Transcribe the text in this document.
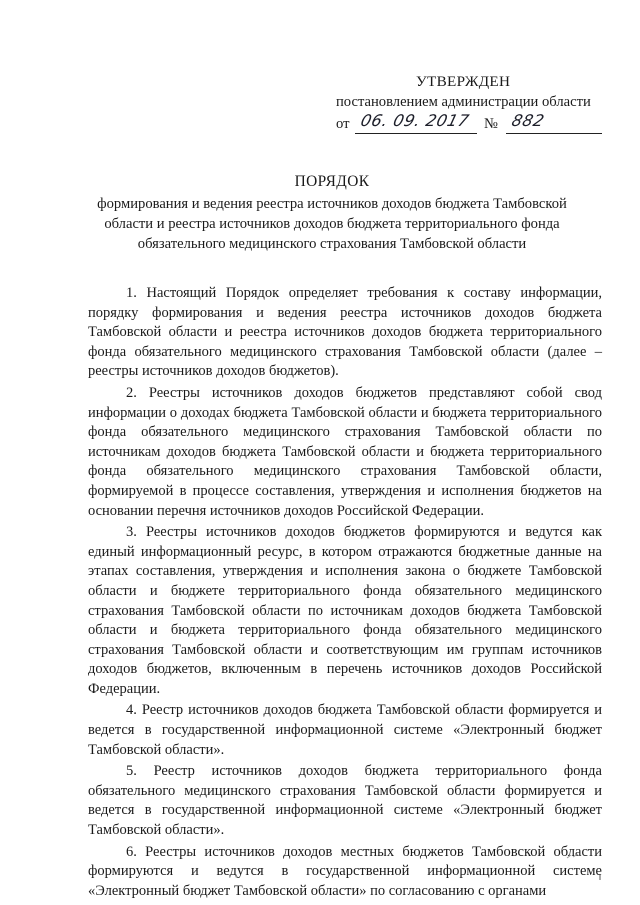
УТВЕРЖДЕН
постановлением администрации области
от 06. 09. 2017 № 882
ПОРЯДОК
формирования и ведения реестра источников доходов бюджета Тамбовской области и реестра источников доходов бюджета территориального фонда обязательного медицинского страхования Тамбовской области

1. Настоящий Порядок определяет требования к составу информации, порядку формирования и ведения реестра источников доходов бюджета Тамбовской области и реестра источников доходов бюджета территориального фонда обязательного медицинского страхования Тамбовской области (далее – реестры источников доходов бюджетов).

2. Реестры источников доходов бюджетов представляют собой свод информации о доходах бюджета Тамбовской области и бюджета территориального фонда обязательного медицинского страхования Тамбовской области по источникам доходов бюджета Тамбовской области и бюджета территориального фонда обязательного медицинского страхования Тамбовской области, формируемой в процессе составления, утверждения и исполнения бюджетов на основании перечня источников доходов Российской Федерации.

3. Реестры источников доходов бюджетов формируются и ведутся как единый информационный ресурс, в котором отражаются бюджетные данные на этапах составления, утверждения и исполнения закона о бюджете Тамбовской области и бюджете территориального фонда обязательного медицинского страхования Тамбовской области по источникам доходов бюджета Тамбовской области и бюджета территориального фонда обязательного медицинского страхования Тамбовской области и соответствующим им группам источников доходов бюджетов, включенным в перечень источников доходов Российской Федерации.

4. Реестр источников доходов бюджета Тамбовской области формируется и ведется в государственной информационной системе «Электронный бюджет Тамбовской области».

5. Реестр источников доходов бюджета территориального фонда обязательного медицинского страхования Тамбовской области формируется и ведется в государственной информационной системе «Электронный бюджет Тамбовской области».

6. Реестры источников доходов местных бюджетов Тамбовской области формируются и ведутся в государственной информационной системе «Электронный бюджет Тамбовской области» по согласованию с органами
